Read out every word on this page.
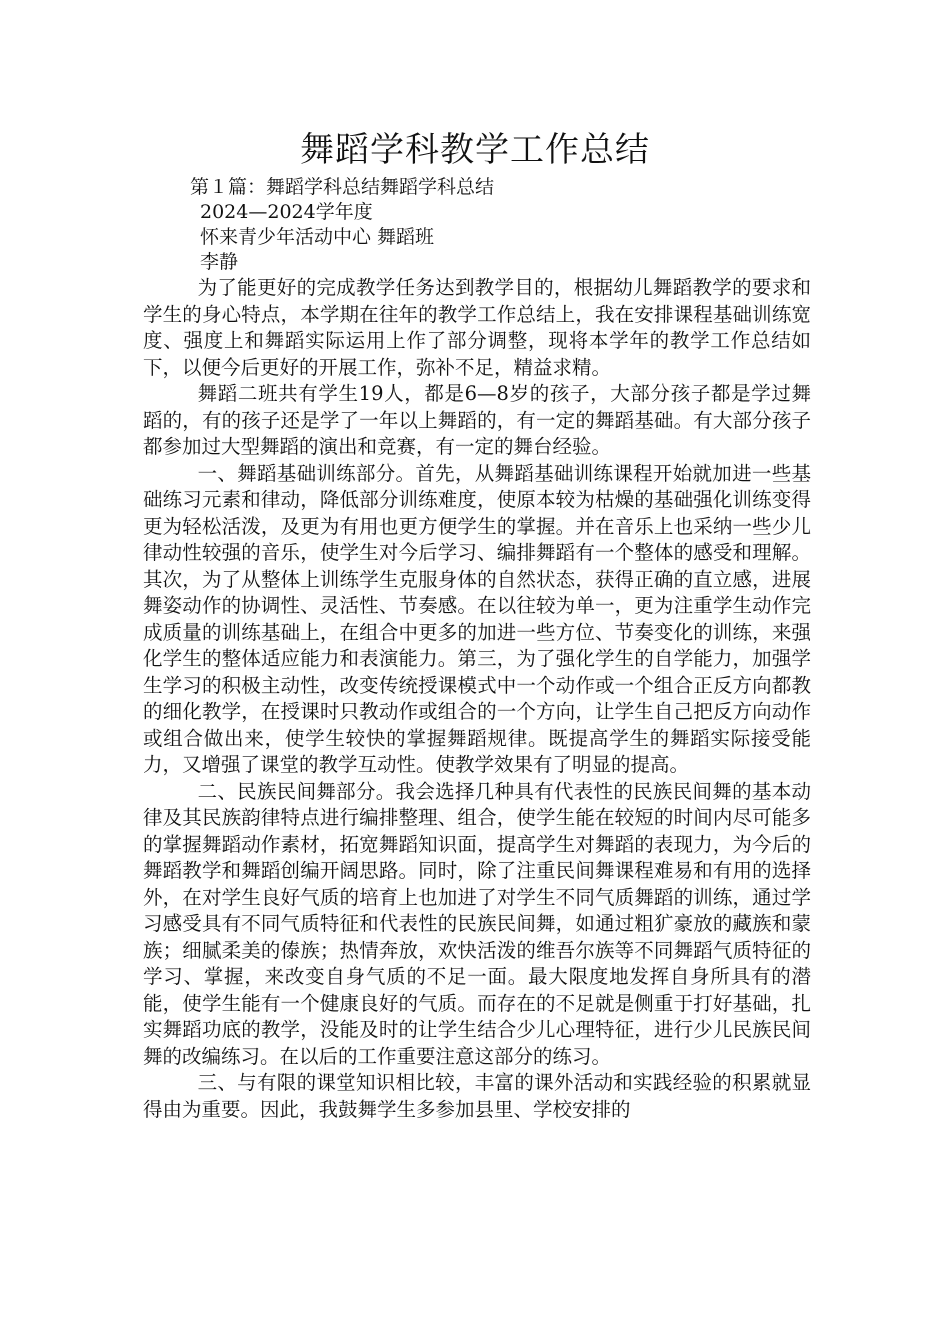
舞蹈学科教学工作总结
第１篇：舞蹈学科总结舞蹈学科总结
2024—2024学年度
怀来青少年活动中心 舞蹈班
李静

为了能更好的完成教学任务达到教学目的，根据幼儿舞蹈教学的要求和学生的身心特点，本学期在往年的教学工作总结上，我在安排课程基础训练宽度、强度上和舞蹈实际运用上作了部分调整，现将本学年的教学工作总结如下，以便今后更好的开展工作，弥补不足，精益求精。

舞蹈二班共有学生19人，都是6—8岁的孩子，大部分孩子都是学过舞蹈的，有的孩子还是学了一年以上舞蹈的，有一定的舞蹈基础。有大部分孩子都参加过大型舞蹈的演出和竞赛，有一定的舞台经验。

一、舞蹈基础训练部分。首先，从舞蹈基础训练课程开始就加进一些基础练习元素和律动，降低部分训练难度，使原本较为枯燥的基础强化训练变得更为轻松活泼，及更为有用也更方便学生的掌握。并在音乐上也采纳一些少儿律动性较强的音乐，使学生对今后学习、编排舞蹈有一个整体的感受和理解。其次，为了从整体上训练学生克服身体的自然状态，获得正确的直立感，进展舞姿动作的协调性、灵活性、节奏感。在以往较为单一，更为注重学生动作完成质量的训练基础上，在组合中更多的加进一些方位、节奏变化的训练，来强化学生的整体适应能力和表演能力。第三，为了强化学生的自学能力，加强学生学习的积极主动性，改变传统授课模式中一个动作或一个组合正反方向都教的细化教学，在授课时只教动作或组合的一个方向，让学生自己把反方向动作或组合做出来，使学生较快的掌握舞蹈规律。既提高学生的舞蹈实际接受能力，又增强了课堂的教学互动性。使教学效果有了明显的提高。

二、民族民间舞部分。我会选择几种具有代表性的民族民间舞的基本动律及其民族韵律特点进行编排整理、组合，使学生能在较短的时间内尽可能多的掌握舞蹈动作素材，拓宽舞蹈知识面，提高学生对舞蹈的表现力，为今后的舞蹈教学和舞蹈创编开阔思路。同时，除了注重民间舞课程难易和有用的选择外，在对学生良好气质的培育上也加进了对学生不同气质舞蹈的训练，通过学习感受具有不同气质特征和代表性的民族民间舞，如通过粗犷豪放的藏族和蒙族；细腻柔美的傣族；热情奔放，欢快活泼的维吾尔族等不同舞蹈气质特征的学习、掌握，来改变自身气质的不足一面。最大限度地发挥自身所具有的潜能，使学生能有一个健康良好的气质。而存在的不足就是侧重于打好基础，扎实舞蹈功底的教学，没能及时的让学生结合少儿心理特征，进行少儿民族民间舞的改编练习。在以后的工作重要注意这部分的练习。

三、与有限的课堂知识相比较，丰富的课外活动和实践经验的积累就显得由为重要。因此，我鼓舞学生多参加县里、学校安排的
